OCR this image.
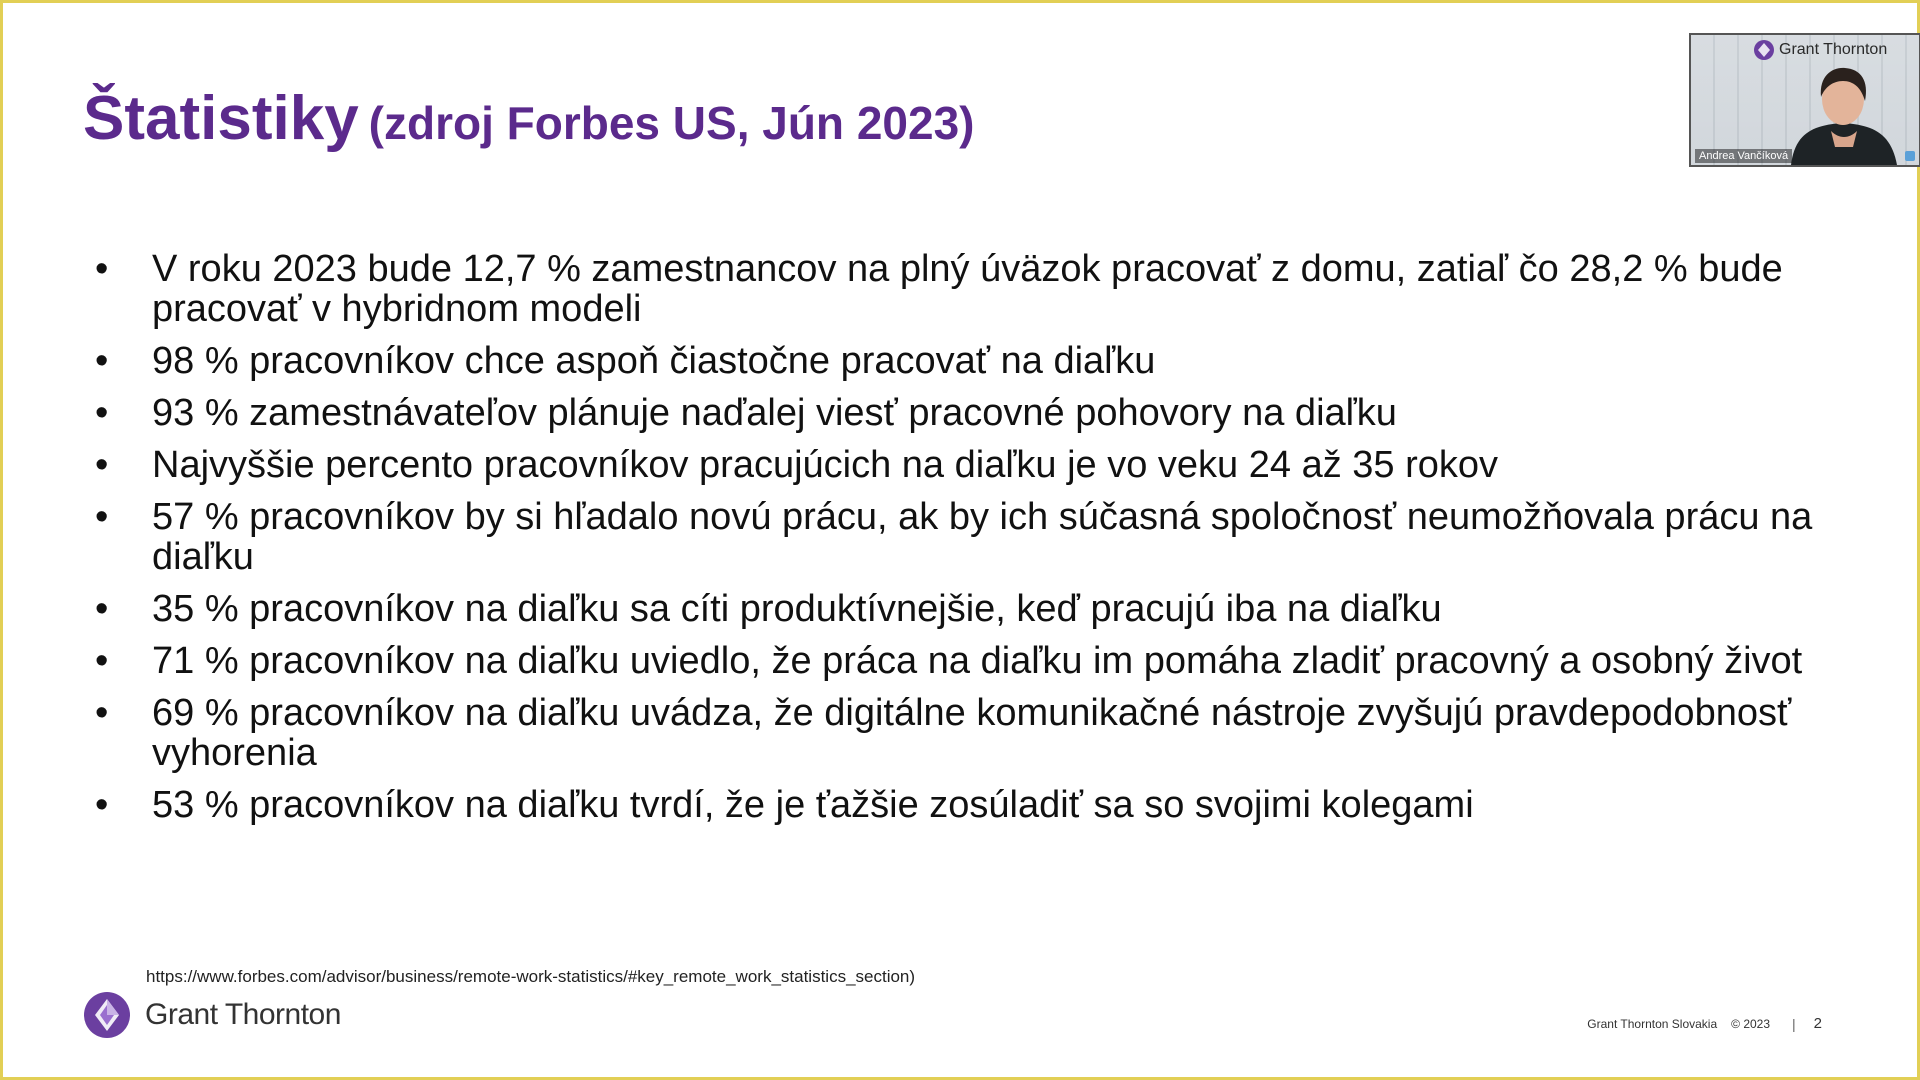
Štatistiky (zdroj Forbes US, Jún 2023)
• V roku 2023 bude 12,7 % zamestnancov na plný úväzok pracovať z domu, zatiaľ čo 28,2 % bude pracovať v hybridnom modeli
• 98 % pracovníkov chce aspoň čiastočne pracovať na diaľku
• 93 % zamestnávateľov plánuje naďalej viesť pracovné pohovory na diaľku
• Najvyššie percento pracovníkov pracujúcich na diaľku je vo veku 24 až 35 rokov
• 57 % pracovníkov by si hľadalo novú prácu, ak by ich súčasná spoločnosť neumožňovala prácu na diaľku
• 35 % pracovníkov na diaľku sa cíti produktívnejšie, keď pracujú iba na diaľku
• 71 % pracovníkov na diaľku uviedlo, že práca na diaľku im pomáha zladiť pracovný a osobný život
• 69 % pracovníkov na diaľku uvádza, že digitálne komunikačné nástroje zvyšujú pravdepodobnosť vyhorenia
• 53 % pracovníkov na diaľku tvrdí, že je ťažšie zosúladiť sa so svojimi kolegami
https://www.forbes.com/advisor/business/remote-work-statistics/#key_remote_work_statistics_section)
Grant Thornton	Grant Thornton Slovakia © 2023 | 2
Grant Thornton
Andrea Vančíková
